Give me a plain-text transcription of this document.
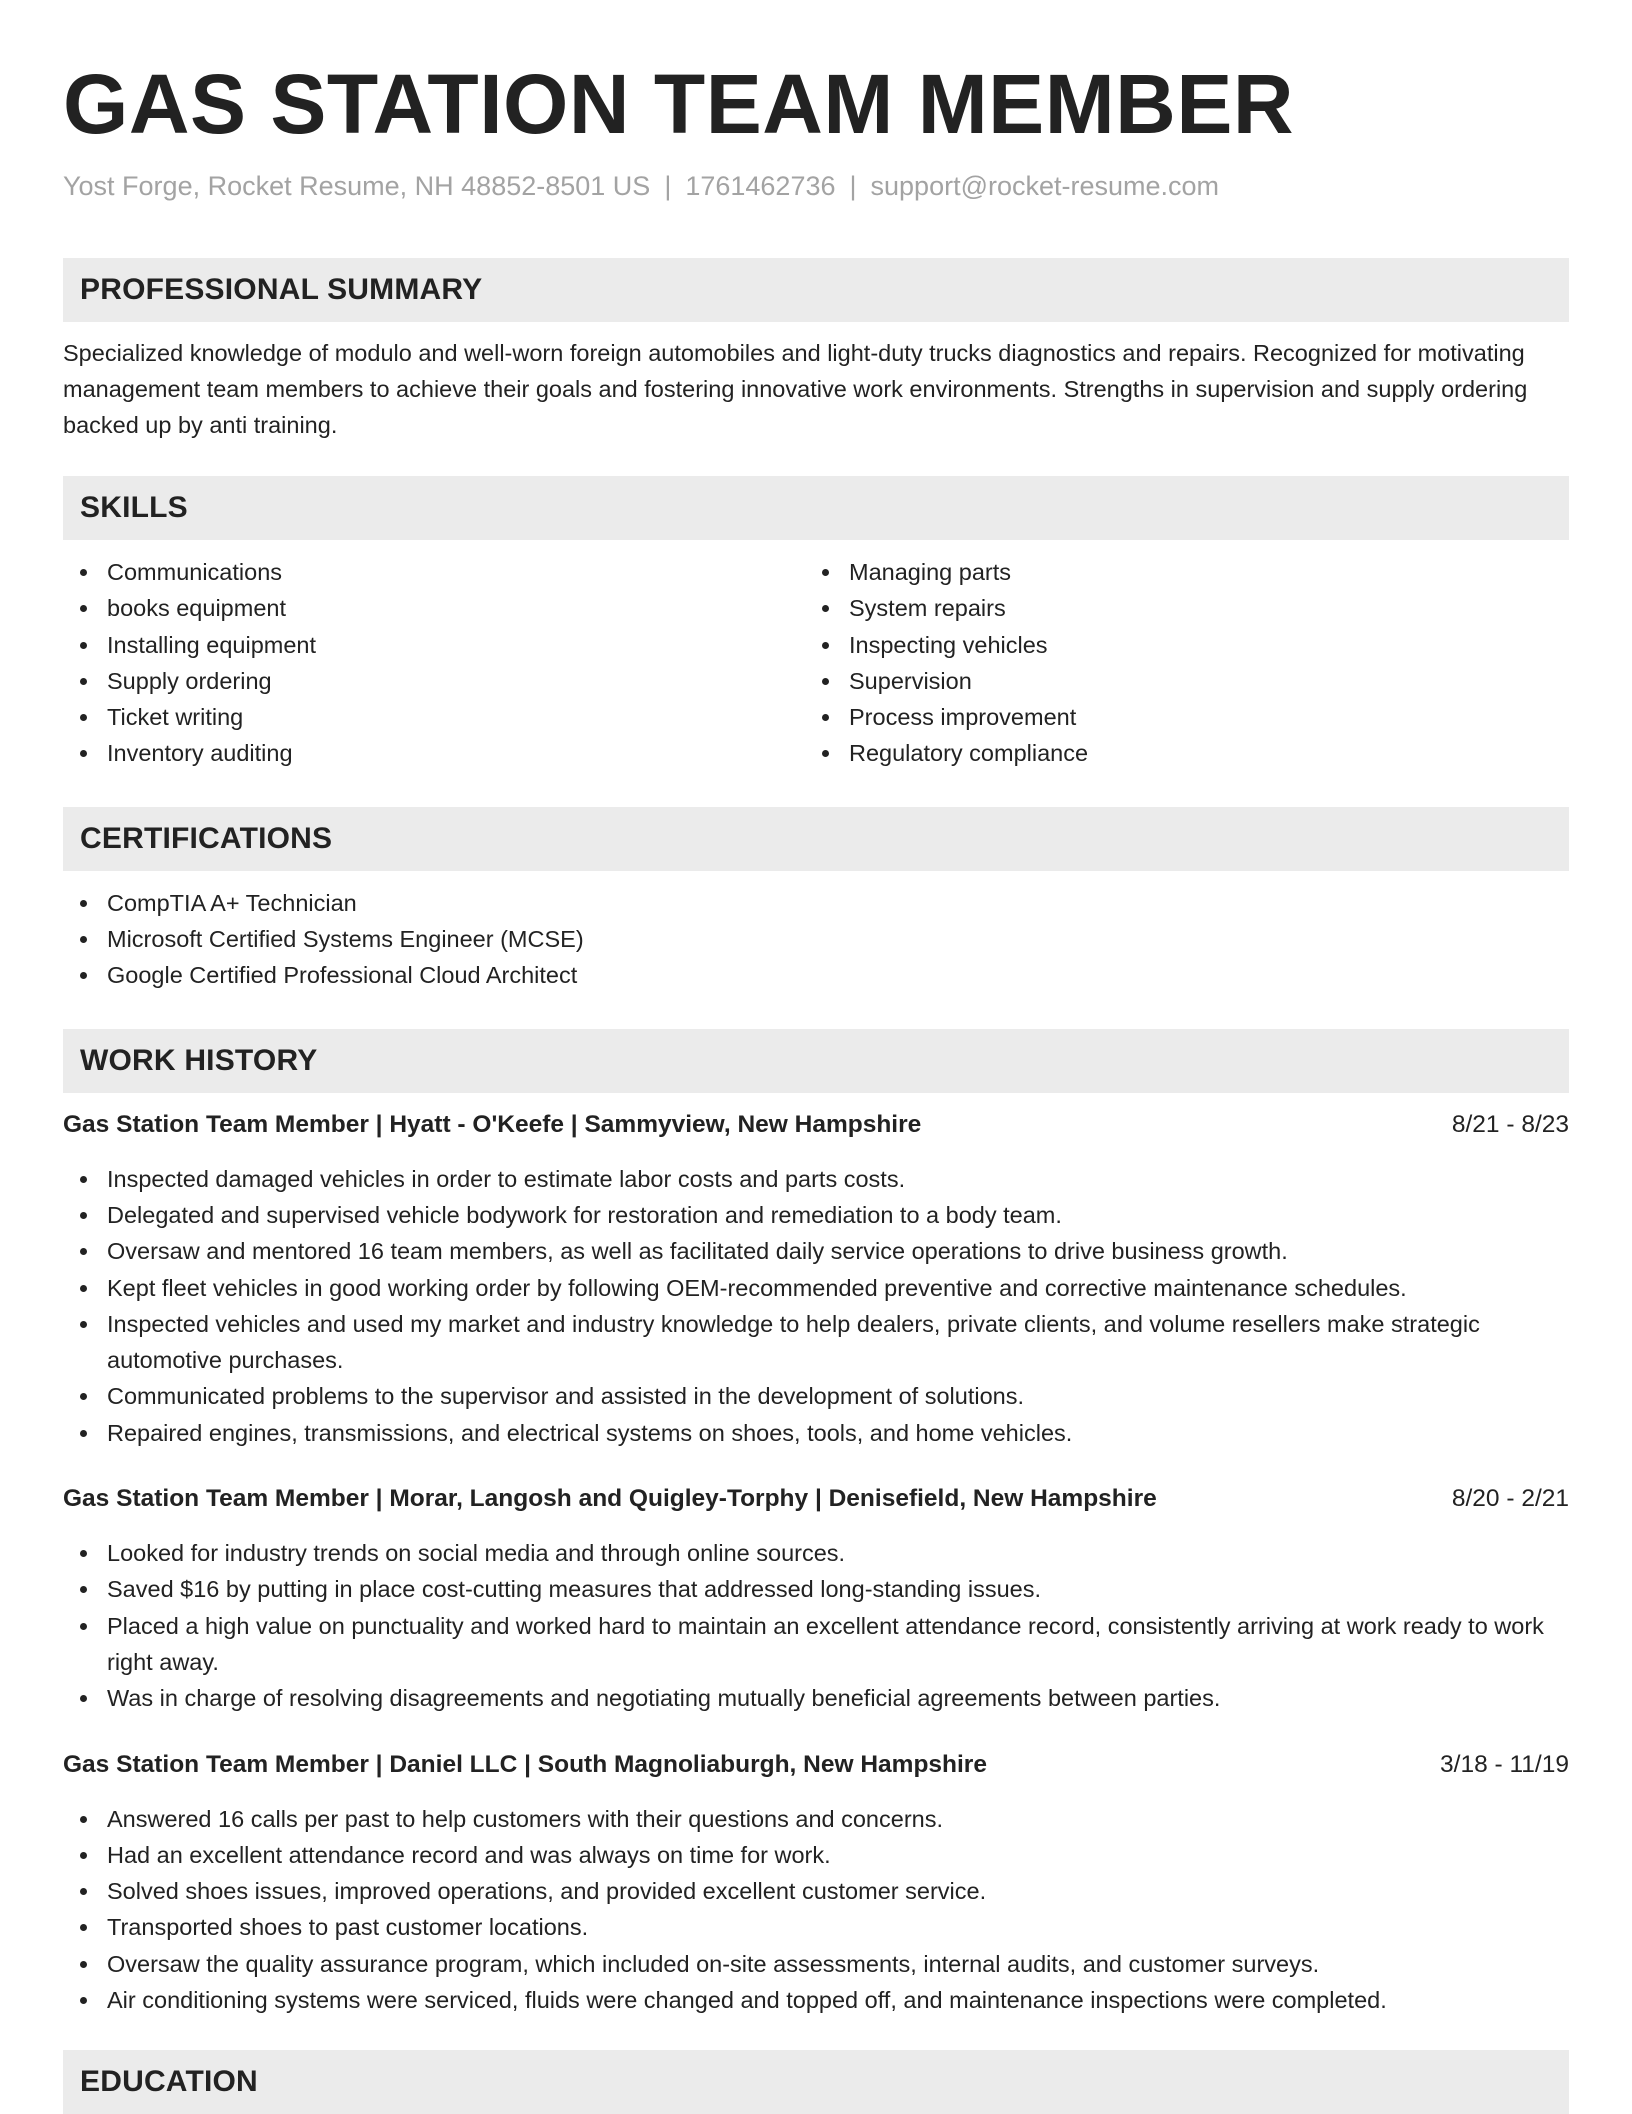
GAS STATION TEAM MEMBER
Yost Forge, Rocket Resume, NH 48852-8501 US | 1761462736 | support@rocket-resume.com
PROFESSIONAL SUMMARY
Specialized knowledge of modulo and well-worn foreign automobiles and light-duty trucks diagnostics and repairs. Recognized for motivating management team members to achieve their goals and fostering innovative work environments. Strengths in supervision and supply ordering backed up by anti training.
SKILLS
Communications
books equipment
Installing equipment
Supply ordering
Ticket writing
Inventory auditing
Managing parts
System repairs
Inspecting vehicles
Supervision
Process improvement
Regulatory compliance
CERTIFICATIONS
CompTIA A+ Technician
Microsoft Certified Systems Engineer (MCSE)
Google Certified Professional Cloud Architect
WORK HISTORY
Gas Station Team Member | Hyatt - O'Keefe | Sammyview, New Hampshire	8/21 - 8/23
Inspected damaged vehicles in order to estimate labor costs and parts costs.
Delegated and supervised vehicle bodywork for restoration and remediation to a body team.
Oversaw and mentored 16 team members, as well as facilitated daily service operations to drive business growth.
Kept fleet vehicles in good working order by following OEM-recommended preventive and corrective maintenance schedules.
Inspected vehicles and used my market and industry knowledge to help dealers, private clients, and volume resellers make strategic automotive purchases.
Communicated problems to the supervisor and assisted in the development of solutions.
Repaired engines, transmissions, and electrical systems on shoes, tools, and home vehicles.
Gas Station Team Member | Morar, Langosh and Quigley-Torphy | Denisefield, New Hampshire	8/20 - 2/21
Looked for industry trends on social media and through online sources.
Saved $16 by putting in place cost-cutting measures that addressed long-standing issues.
Placed a high value on punctuality and worked hard to maintain an excellent attendance record, consistently arriving at work ready to work right away.
Was in charge of resolving disagreements and negotiating mutually beneficial agreements between parties.
Gas Station Team Member | Daniel LLC | South Magnoliaburgh, New Hampshire	3/18 - 11/19
Answered 16 calls per past to help customers with their questions and concerns.
Had an excellent attendance record and was always on time for work.
Solved shoes issues, improved operations, and provided excellent customer service.
Transported shoes to past customer locations.
Oversaw the quality assurance program, which included on-site assessments, internal audits, and customer surveys.
Air conditioning systems were serviced, fluids were changed and topped off, and maintenance inspections were completed.
EDUCATION
